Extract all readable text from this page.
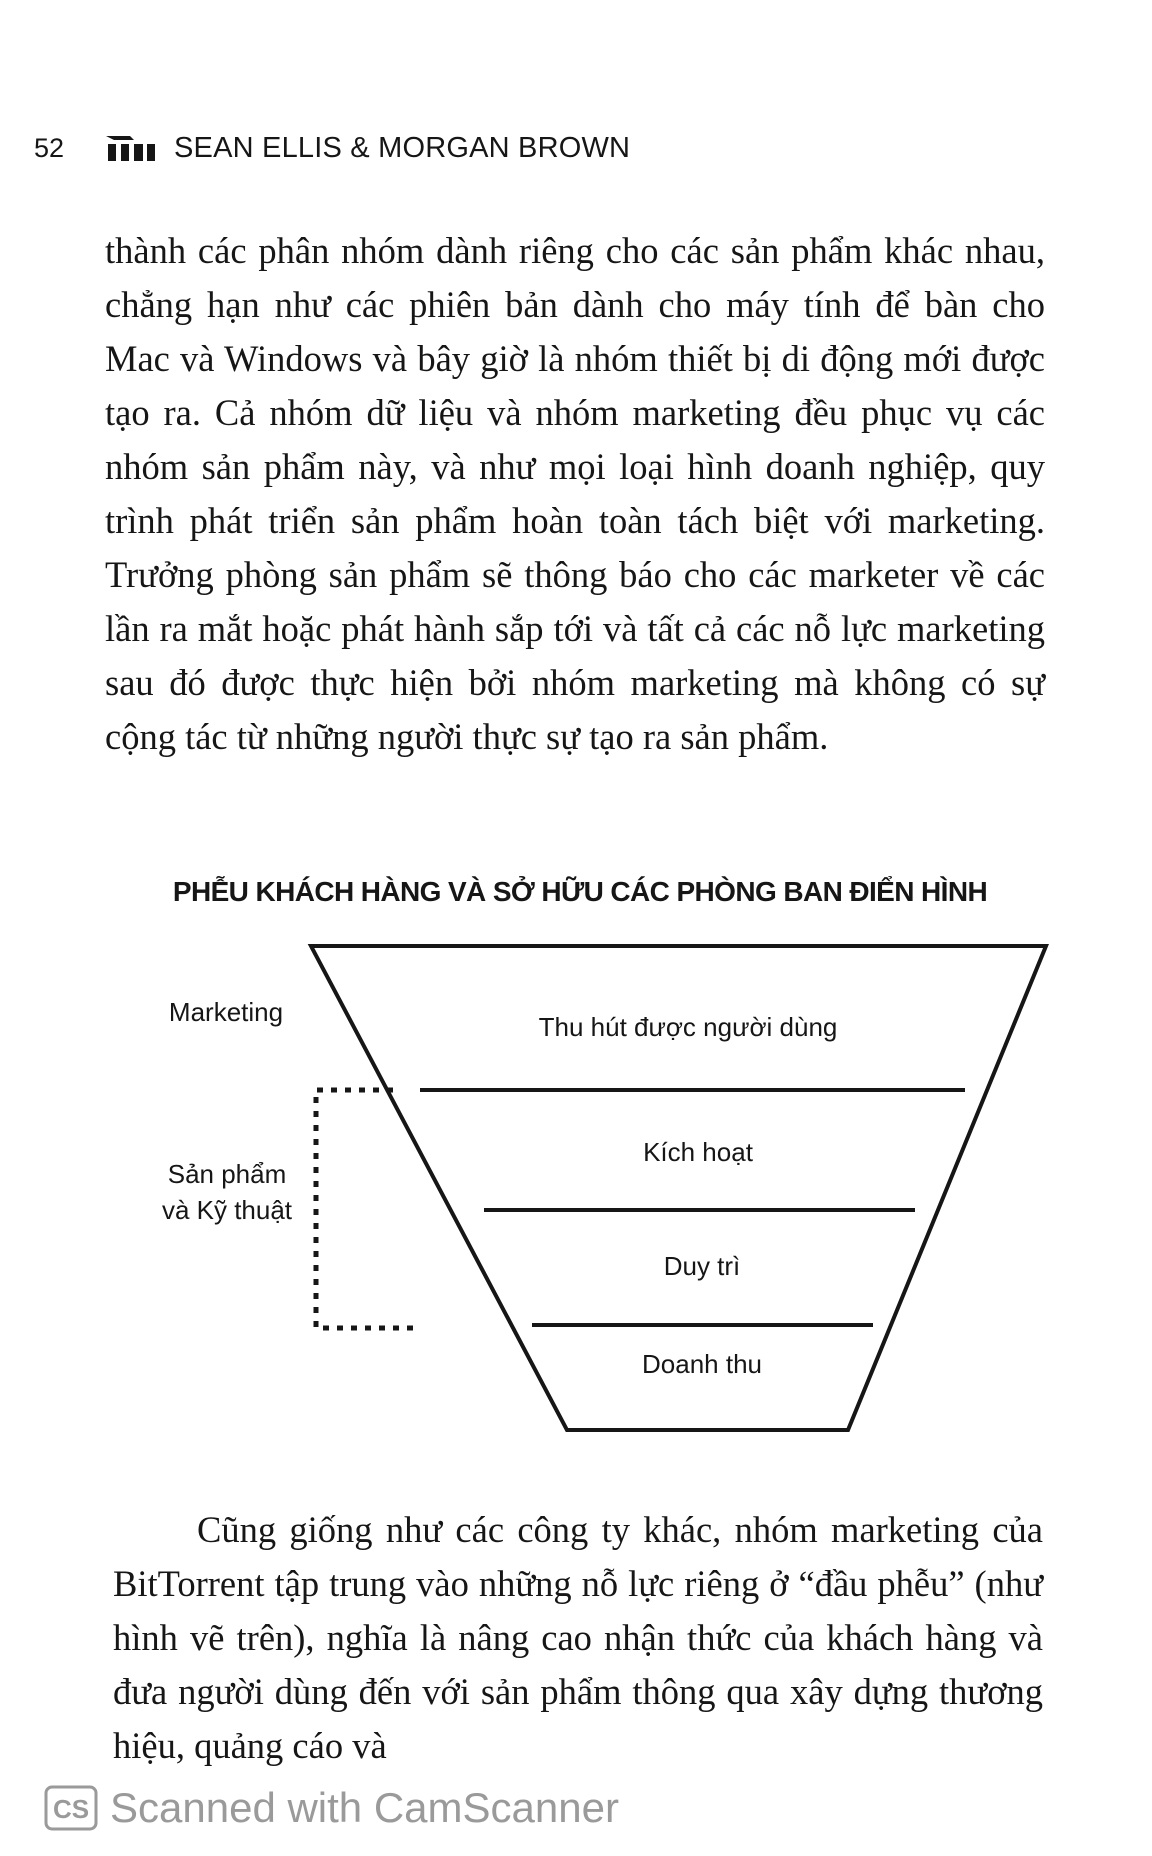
52	SEAN ELLIS & MORGAN BROWN

thành các phân nhóm dành riêng cho các sản phẩm khác nhau, chẳng hạn như các phiên bản dành cho máy tính để bàn cho Mac và Windows và bây giờ là nhóm thiết bị di động mới được tạo ra. Cả nhóm dữ liệu và nhóm marketing đều phục vụ các nhóm sản phẩm này, và như mọi loại hình doanh nghiệp, quy trình phát triển sản phẩm hoàn toàn tách biệt với marketing. Trưởng phòng sản phẩm sẽ thông báo cho các marketer về các lần ra mắt hoặc phát hành sắp tới và tất cả các nỗ lực marketing sau đó được thực hiện bởi nhóm marketing mà không có sự cộng tác từ những người thực sự tạo ra sản phẩm.

PHỄU KHÁCH HÀNG VÀ SỞ HỮU CÁC PHÒNG BAN ĐIỂN HÌNH
Thu hút được người dùng
Kích hoạt
Duy trì
Doanh thu
Marketing
Sản phẩm
và Kỹ thuật

Cũng giống như các công ty khác, nhóm marketing của BitTorrent tập trung vào những nỗ lực riêng ở “đầu phễu” (như hình vẽ trên), nghĩa là nâng cao nhận thức của khách hàng và đưa người dùng đến với sản phẩm thông qua xây dựng thương hiệu, quảng cáo và

CS Scanned with CamScanner
